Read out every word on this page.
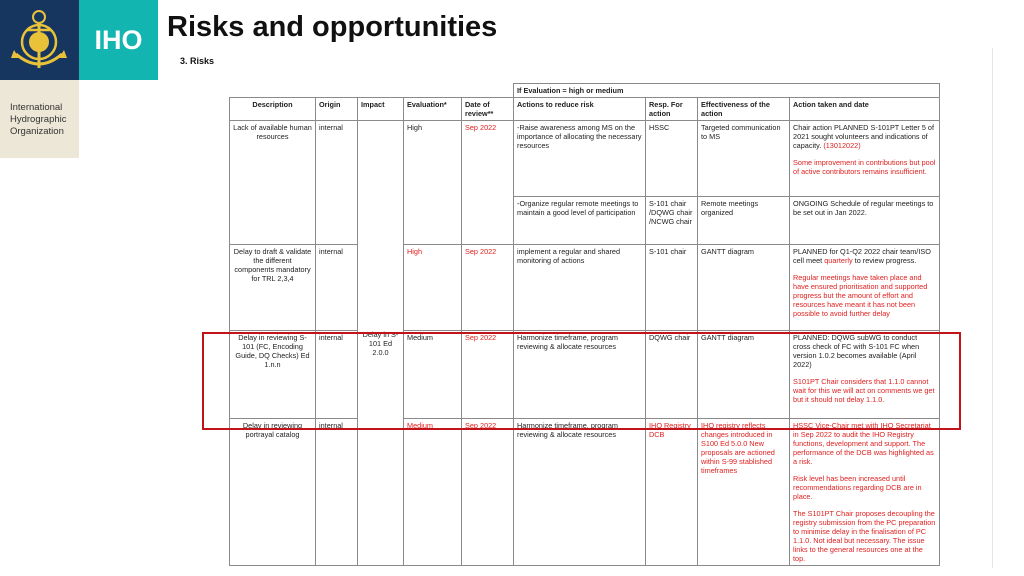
IHO
International
Hydrographic
Organization
Risks and opportunities
3. Risks
					If Evaluation = high or medium			
Description	Origin	Impact	Evaluation*	Date of review**	Actions to reduce risk	Resp. For action	Effectiveness of the action	Action taken and date
Lack of available human resources	internal	Delay in S-101 Ed 2.0.0	High	Sep 2022	-Raise awareness among MS on the importance of allocating the necessary resources	HSSC	Targeted communication to MS	Chair action PLANNED S-101PT Letter 5 of 2021 sought volunteers and indications of capacity. (13012022)
Some improvement in contributions but pool of active contributors remains insufficient.

					-Organize regular remote meetings to maintain a good level of participation	S-101 chair /DQWG chair /NCWG chair	Remote meetings organized	ONGOING Schedule of regular meetings to be set out in Jan 2022.
Delay to draft & validate the different components mandatory for TRL 2,3,4	internal		High	Sep 2022	implement a regular and shared monitoring of actions	S-101 chair	GANTT diagram	PLANNED for Q1-Q2 2022 chair team/ISO cell meet quarterly to review progress.
Regular meetings have taken place and have ensured prioritisation and supported progress but the amount of effort and resources have meant it has not been possible to avoid further delay

Delay in reviewing S-101 (FC, Encoding Guide, DQ Checks) Ed 1.n.n	internal		Medium	Sep 2022	Harmonize timeframe, program reviewing & allocate resources	DQWG chair	GANTT diagram	PLANNED: DQWG subWG to conduct cross check of FC with S-101 FC when version 1.0.2 becomes available (April 2022)
S101PT Chair considers that 1.1.0 cannot wait for this we will act on comments we get but it should not delay 1.1.0.

Delay in reviewing portrayal catalog	internal		Medium	Sep 2022	Harmonize timeframe, program reviewing & allocate resources	IHO Registry DCB	IHO registry reflects changes introduced in S100 Ed 5.0.0 New proposals are actioned within S-99 stablished timeframes	HSSC Vice-Chair met with IHO Secretariat in Sep 2022 to audit the IHO Registry functions, development and support. The performance of the DCB was highlighted as a risk.
Risk level has been increased until recommendations regarding DCB are in place.
The S101PT Chair proposes decoupling the registry submission from the PC preparation to minimise delay in the finalisation of PC 1.1.0. Not ideal but necessary. The issue links to the general resources one at the top.
